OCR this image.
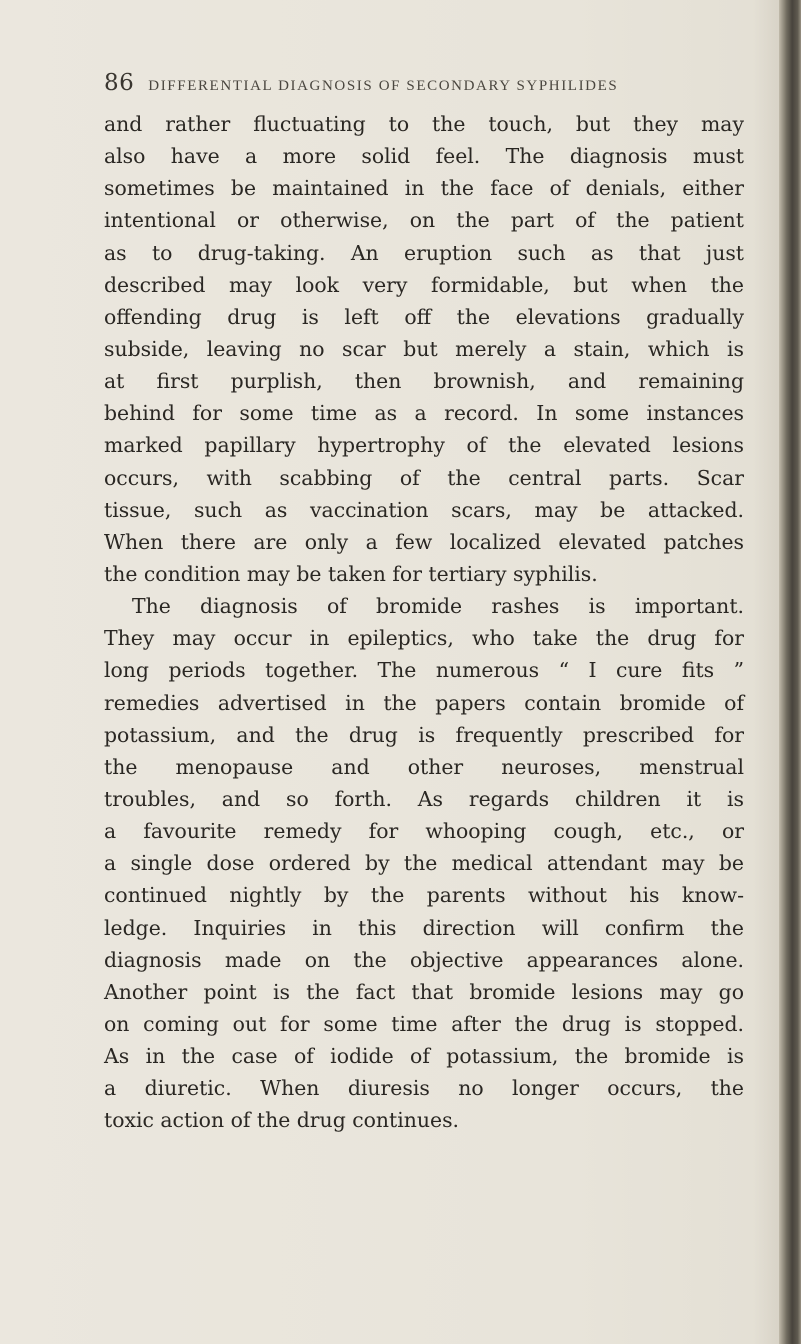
86 DIFFERENTIAL DIAGNOSIS OF SECONDARY SYPHILIDES
and rather fluctuating to the touch, but they may
also have a more solid feel. The diagnosis must
sometimes be maintained in the face of denials, either
intentional or otherwise, on the part of the patient
as to drug-taking. An eruption such as that just
described may look very formidable, but when the
offending drug is left off the elevations gradually
subside, leaving no scar but merely a stain, which is
at first purplish, then brownish, and remaining
behind for some time as a record. In some instances
marked papillary hypertrophy of the elevated lesions
occurs, with scabbing of the central parts. Scar
tissue, such as vaccination scars, may be attacked.
When there are only a few localized elevated patches
the condition may be taken for tertiary syphilis.
The diagnosis of bromide rashes is important.
They may occur in epileptics, who take the drug for
long periods together. The numerous “ I cure fits ”
remedies advertised in the papers contain bromide of
potassium, and the drug is frequently prescribed for
the menopause and other neuroses, menstrual
troubles, and so forth. As regards children it is
a favourite remedy for whooping cough, etc., or
a single dose ordered by the medical attendant may be
continued nightly by the parents without his know-
ledge. Inquiries in this direction will confirm the
diagnosis made on the objective appearances alone.
Another point is the fact that bromide lesions may go
on coming out for some time after the drug is stopped.
As in the case of iodide of potassium, the bromide is
a diuretic. When diuresis no longer occurs, the
toxic action of the drug continues.
